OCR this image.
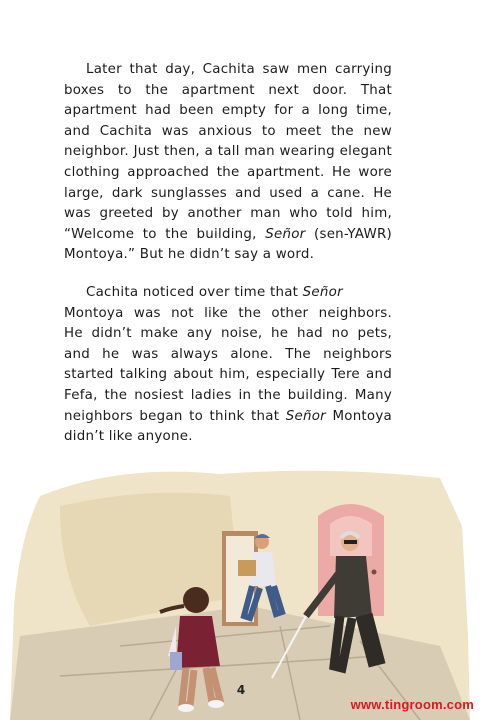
Later that day, Cachita saw men carrying
boxes to the apartment next door. That
apartment had been empty for a long time,
and Cachita was anxious to meet the new
neighbor. Just then, a tall man wearing elegant
clothing approached the apartment. He wore
large, dark sunglasses and used a cane. He
was greeted by another man who told him,
“Welcome to the building, Señor (sen-YAWR)
Montoya.” But he didn’t say a word.
Cachita noticed over time that Señor
Montoya was not like the other neighbors.
He didn’t make any noise, he had no pets,
and he was always alone. The neighbors
started talking about him, especially Tere and
Fefa, the nosiest ladies in the building. Many
neighbors began to think that Señor Montoya
didn’t like anyone.
4
www.tingroom.com
